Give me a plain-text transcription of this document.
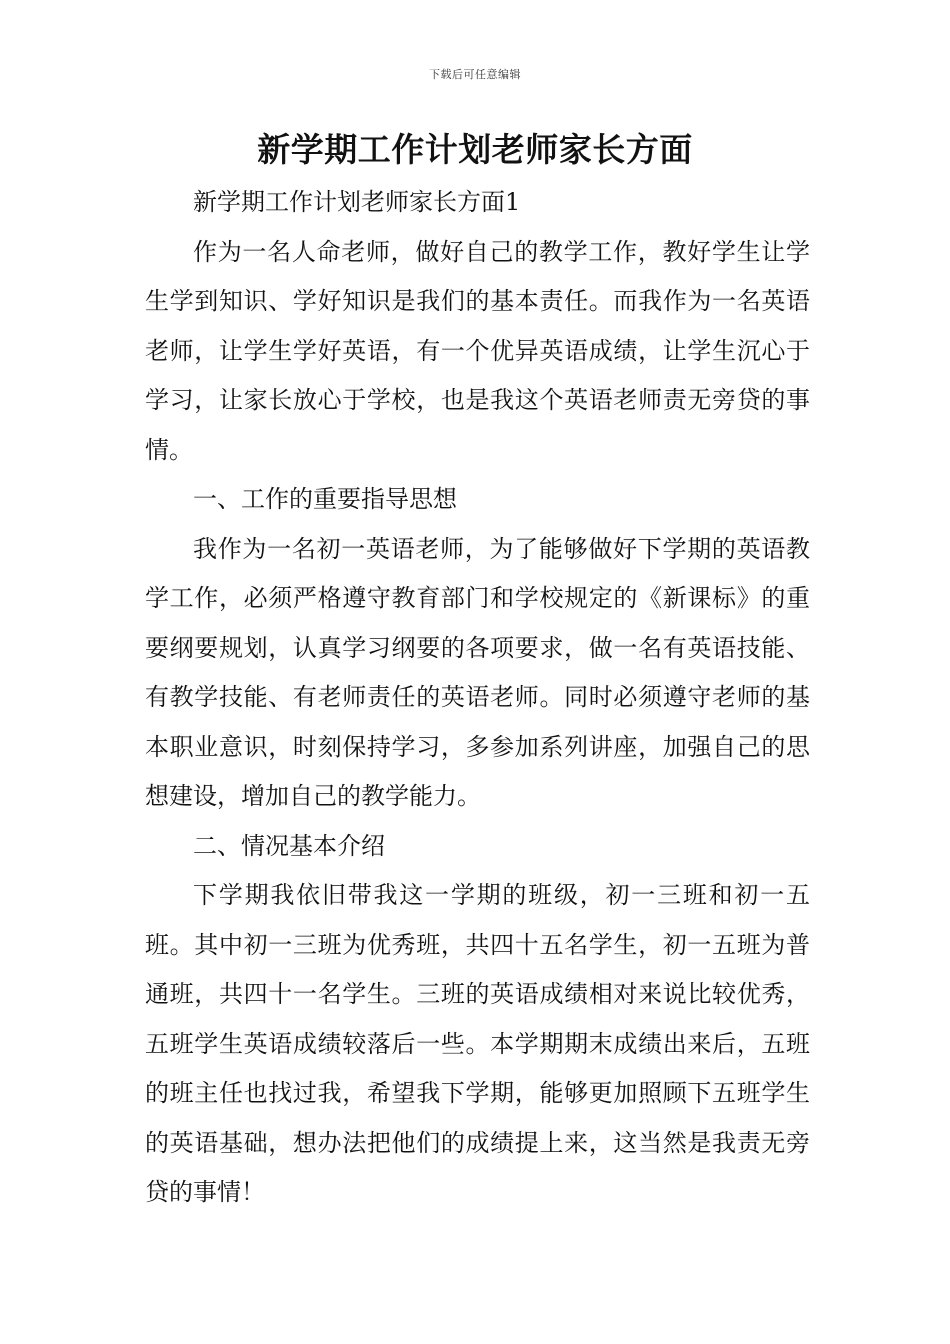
下载后可任意编辑
新学期工作计划老师家长方面

新学期工作计划老师家长方面1

作为一名人命老师，做好自己的教学工作，教好学生让学生学到知识、学好知识是我们的基本责任。而我作为一名英语老师，让学生学好英语，有一个优异英语成绩，让学生沉心于学习，让家长放心于学校，也是我这个英语老师责无旁贷的事情。

一、工作的重要指导思想

我作为一名初一英语老师，为了能够做好下学期的英语教学工作，必须严格遵守教育部门和学校规定的《新课标》的重要纲要规划，认真学习纲要的各项要求，做一名有英语技能、有教学技能、有老师责任的英语老师。同时必须遵守老师的基本职业意识，时刻保持学习，多参加系列讲座，加强自己的思想建设，增加自己的教学能力。

二、情况基本介绍

下学期我依旧带我这一学期的班级，初一三班和初一五班。其中初一三班为优秀班，共四十五名学生，初一五班为普通班，共四十一名学生。三班的英语成绩相对来说比较优秀，五班学生英语成绩较落后一些。本学期期末成绩出来后，五班的班主任也找过我，希望我下学期，能够更加照顾下五班学生的英语基础，想办法把他们的成绩提上来，这当然是我责无旁贷的事情！
